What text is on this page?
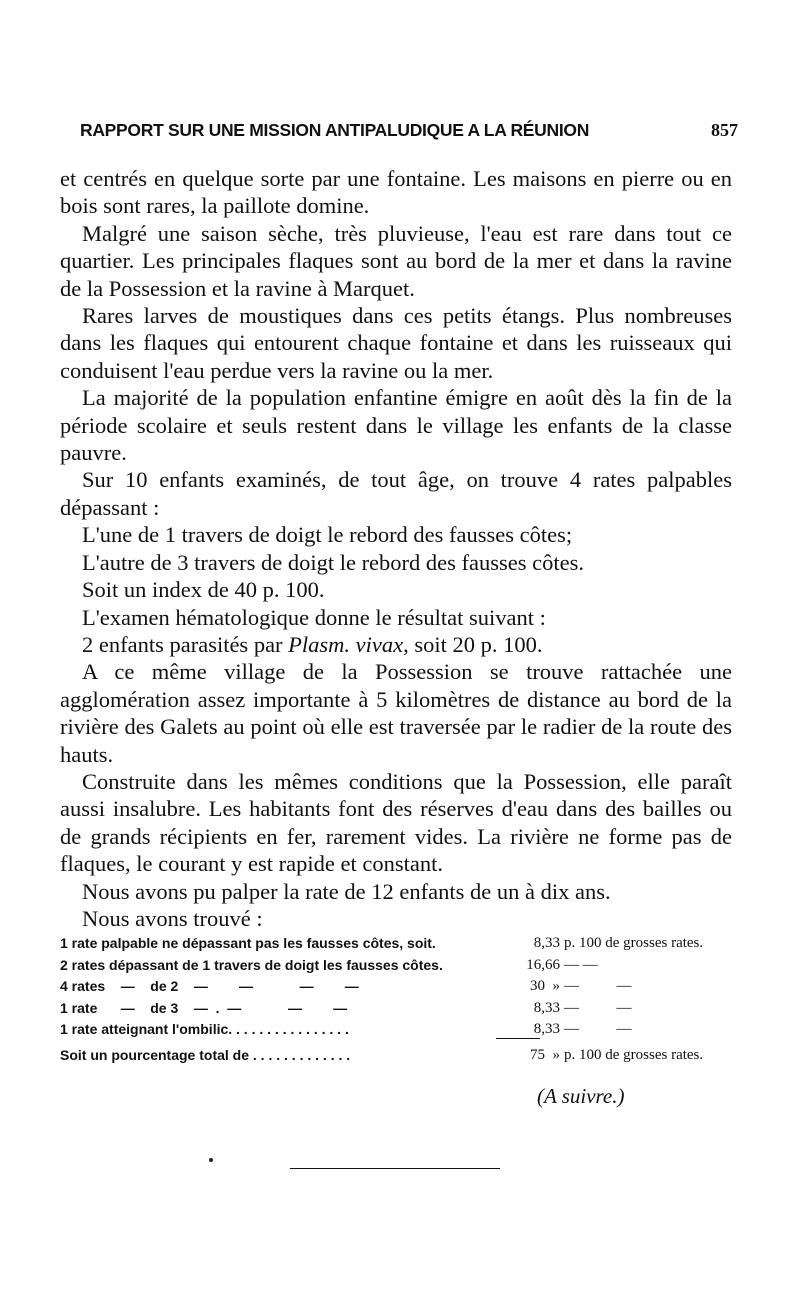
RAPPORT SUR UNE MISSION ANTIPALUDIQUE A LA RÉUNION	857

et centrés en quelque sorte par une fontaine. Les maisons en pierre ou en bois sont rares, la paillote domine.

Malgré une saison sèche, très pluvieuse, l'eau est rare dans tout ce quartier. Les principales flaques sont au bord de la mer et dans la ravine de la Possession et la ravine à Marquet.

Rares larves de moustiques dans ces petits étangs. Plus nombreuses dans les flaques qui entourent chaque fontaine et dans les ruisseaux qui conduisent l'eau perdue vers la ravine ou la mer.

La majorité de la population enfantine émigre en août dès la fin de la période scolaire et seuls restent dans le village les enfants de la classe pauvre.

Sur 10 enfants examinés, de tout âge, on trouve 4 rates palpables dépassant :

L'une de 1 travers de doigt le rebord des fausses côtes;

L'autre de 3 travers de doigt le rebord des fausses côtes.

Soit un index de 40 p. 100.

L'examen hématologique donne le résultat suivant :

2 enfants parasités par Plasm. vivax, soit 20 p. 100.

A ce même village de la Possession se trouve rattachée une agglomération assez importante à 5 kilomètres de distance au bord de la rivière des Galets au point où elle est traversée par le radier de la route des hauts.

Construite dans les mêmes conditions que la Possession, elle paraît aussi insalubre. Les habitants font des réserves d'eau dans des bailles ou de grands récipients en fer, rarement vides. La rivière ne forme pas de flaques, le courant y est rapide et constant.

Nous avons pu palper la rate de 12 enfants de un à dix ans.

Nous avons trouvé :

1 rate palpable ne dépassant pas les fausses côtes, soit.	8,33 p. 100 de grosses rates.
2 rates dépassant de 1 travers de doigt les fausses côtes.	16,66 — —
4 rates    —    de 2    —        —            —        —	30  » —          —
1 rate      —    de 3    —  .  —            —        —	8,33 —          —
1 rate atteignant l'ombilic. . . . . . . . . . . . . . . .	8,33 —          —
Soit un pourcentage total de . . . . . . . . . . . . .	75  » p. 100 de grosses rates.
(A suivre.)
